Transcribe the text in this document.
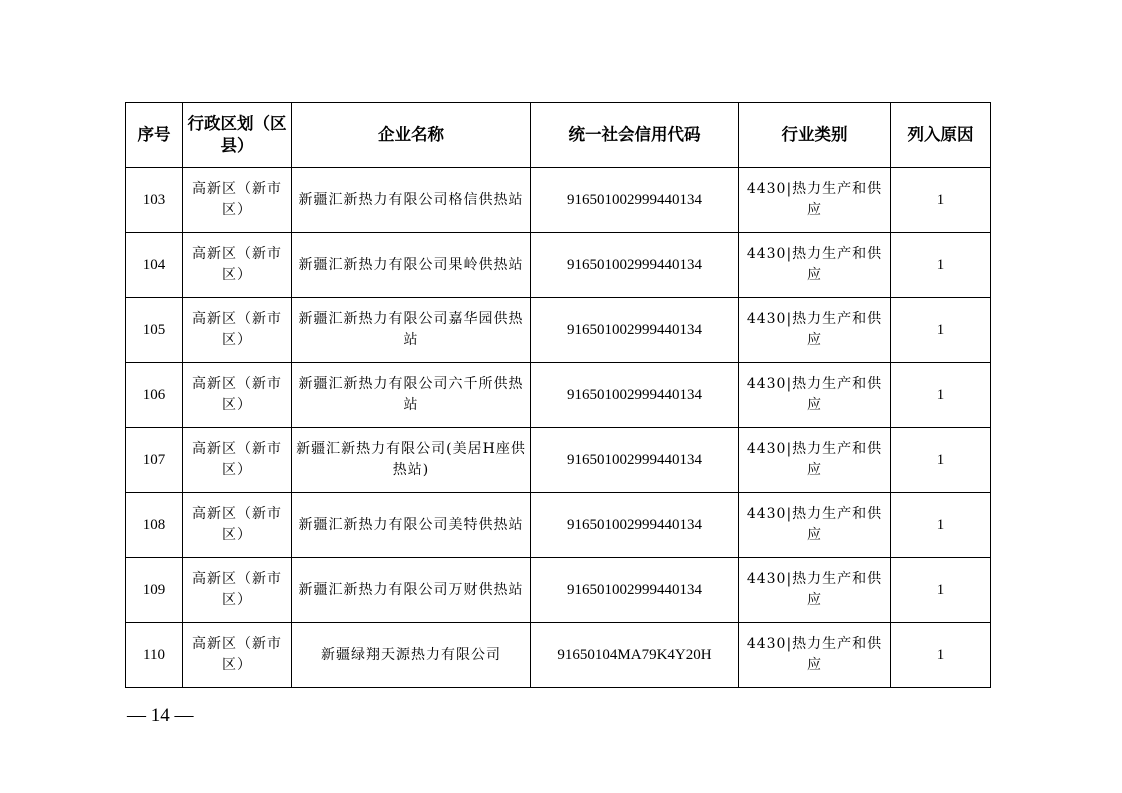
序号	行政区划（区县）	企业名称	统一社会信用代码	行业类别	列入原因
103	高新区（新市区）	新疆汇新热力有限公司格信供热站	916501002999440134	4430|热力生产和供应	1
104	高新区（新市区）	新疆汇新热力有限公司果岭供热站	916501002999440134	4430|热力生产和供应	1
105	高新区（新市区）	新疆汇新热力有限公司嘉华园供热站	916501002999440134	4430|热力生产和供应	1
106	高新区（新市区）	新疆汇新热力有限公司六千所供热站	916501002999440134	4430|热力生产和供应	1
107	高新区（新市区）	新疆汇新热力有限公司(美居H座供热站)	916501002999440134	4430|热力生产和供应	1
108	高新区（新市区）	新疆汇新热力有限公司美特供热站	916501002999440134	4430|热力生产和供应	1
109	高新区（新市区）	新疆汇新热力有限公司万财供热站	916501002999440134	4430|热力生产和供应	1
110	高新区（新市区）	新疆绿翔天源热力有限公司	91650104MA79K4Y20H	4430|热力生产和供应	1
— 14 —
